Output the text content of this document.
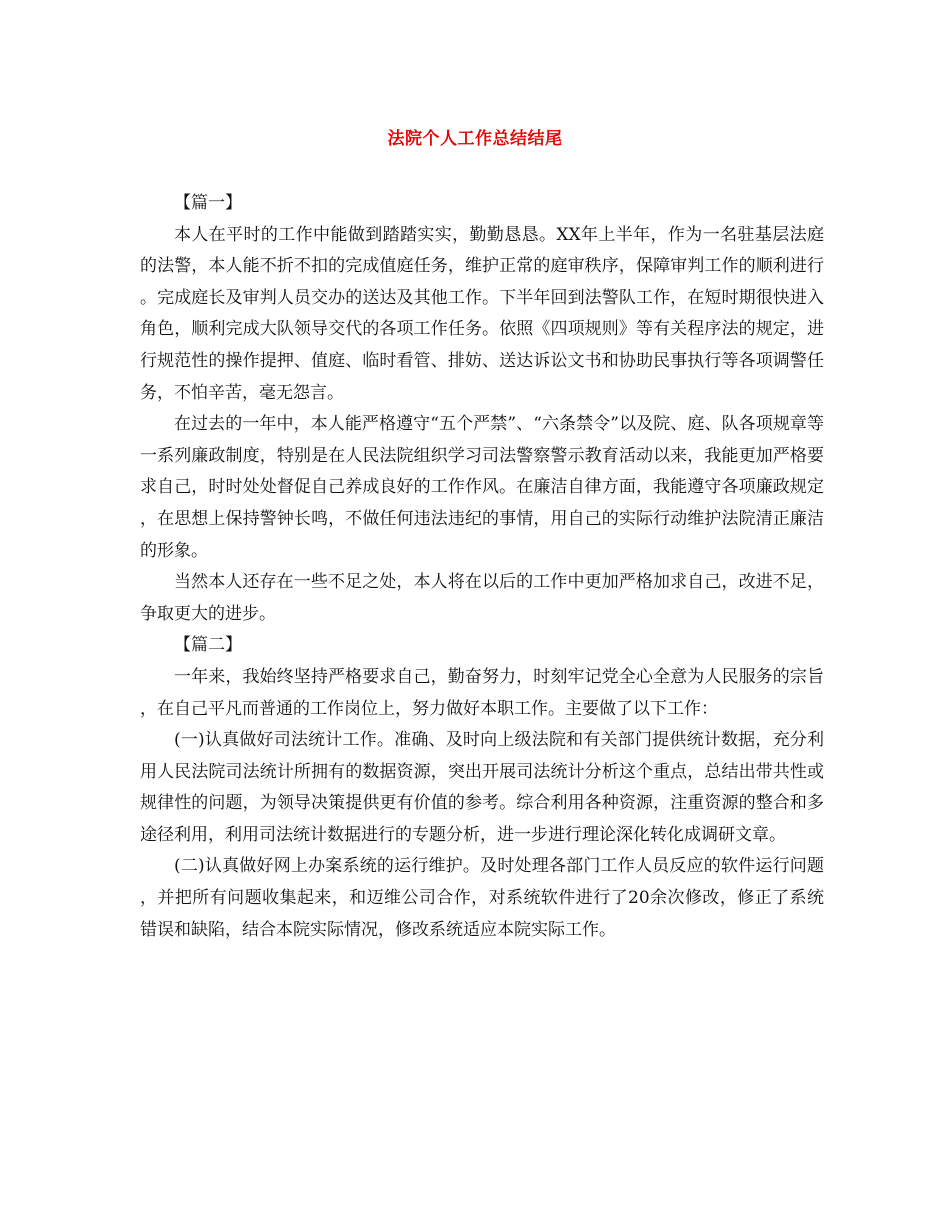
法院个人工作总结结尾

【篇一】

本人在平时的工作中能做到踏踏实实，勤勤恳恳。XX年上半年，作为一名驻基层法庭的法警，本人能不折不扣的完成值庭任务，维护正常的庭审秩序，保障审判工作的顺利进行。完成庭长及审判人员交办的送达及其他工作。下半年回到法警队工作，在短时期很快进入角色，顺利完成大队领导交代的各项工作任务。依照《四项规则》等有关程序法的规定，进行规范性的操作提押、值庭、临时看管、排妨、送达诉讼文书和协助民事执行等各项调警任务，不怕辛苦，毫无怨言。

在过去的一年中，本人能严格遵守“五个严禁”、“六条禁令”以及院、庭、队各项规章等一系列廉政制度，特别是在人民法院组织学习司法警察警示教育活动以来，我能更加严格要求自己，时时处处督促自己养成良好的工作作风。在廉洁自律方面，我能遵守各项廉政规定，在思想上保持警钟长鸣，不做任何违法违纪的事情，用自己的实际行动维护法院清正廉洁的形象。

当然本人还存在一些不足之处，本人将在以后的工作中更加严格加求自己，改进不足，争取更大的进步。

【篇二】

一年来，我始终坚持严格要求自己，勤奋努力，时刻牢记党全心全意为人民服务的宗旨，在自己平凡而普通的工作岗位上，努力做好本职工作。主要做了以下工作：

(一)认真做好司法统计工作。准确、及时向上级法院和有关部门提供统计数据，充分利用人民法院司法统计所拥有的数据资源，突出开展司法统计分析这个重点，总结出带共性或规律性的问题，为领导决策提供更有价值的参考。综合利用各种资源，注重资源的整合和多途径利用，利用司法统计数据进行的专题分析，进一步进行理论深化转化成调研文章。

(二)认真做好网上办案系统的运行维护。及时处理各部门工作人员反应的软件运行问题，并把所有问题收集起来，和迈维公司合作，对系统软件进行了20余次修改，修正了系统错误和缺陷，结合本院实际情况，修改系统适应本院实际工作。
